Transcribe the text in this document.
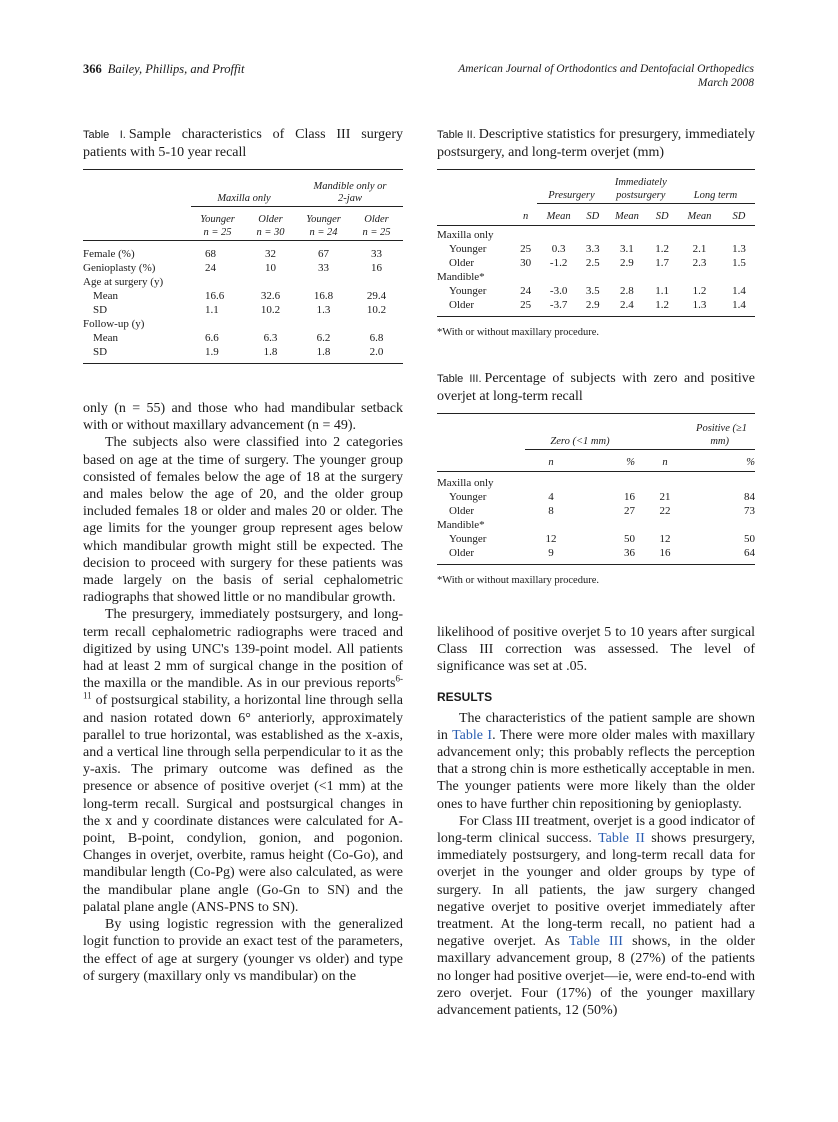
366 Bailey, Phillips, and Proffit	American Journal of Orthodontics and Dentofacial Orthopedics
March 2008
Table I. Sample characteristics of Class III surgery patients with 5-10 year recall

			Mandible only or	
	Maxilla only		2-jaw	

	Younger	Older	Younger	Older
	n = 25	n = 30	n = 24	n = 25

Female (%)	68	32	67	33
Genioplasty (%)	24	10	33	16
Age at surgery (y)				
Mean	16.6	32.6	16.8	29.4
SD	1.1	10.2	1.3	10.2
Follow-up (y)				
Mean	6.6	6.3	6.2	6.8
SD	1.9	1.8	1.8	2.0

only (n = 55) and those who had mandibular setback with or without maxillary advancement (n = 49).

The subjects also were classified into 2 categories based on age at the time of surgery. The younger group consisted of females below the age of 18 at the surgery and males below the age of 20, and the older group included females 18 or older and males 20 or older. The age limits for the younger group represent ages below which mandibular growth might still be expected. The decision to proceed with surgery for these patients was made largely on the basis of serial cephalometric radiographs that showed little or no mandibular growth.

The presurgery, immediately postsurgery, and long-term recall cephalometric radiographs were traced and digitized by using UNC's 139-point model. All patients had at least 2 mm of surgical change in the position of the maxilla or the mandible. As in our previous reports$^{6-11}$ of postsurgical stability, a horizontal line through sella and nasion rotated down 6° anteriorly, approximately parallel to true horizontal, was established as the x-axis, and a vertical line through sella perpendicular to it as the y-axis. The primary outcome was defined as the presence or absence of positive overjet (<1 mm) at the long-term recall. Surgical and postsurgical changes in the x and y coordinate distances were calculated for A-point, B-point, condylion, gonion, and pogonion. Changes in overjet, overbite, ramus height (Co-Go), and mandibular length (Co-Pg) were also calculated, as were the mandibular plane angle (Go-Gn to SN) and the palatal plane angle (ANS-PNS to SN).

By using logistic regression with the generalized logit function to provide an exact test of the parameters, the effect of age at surgery (younger vs older) and type of surgery (maxillary only vs mandibular) on the

Table II. Descriptive statistics for presurgery, immediately postsurgery, and long-term overjet (mm)

				Immediately			
		Presurgery		postsurgery		Long term	

	n	Mean	SD	Mean	SD	Mean	SD

Maxilla only							
Younger	25	0.3	3.3	3.1	1.2	2.1	1.3
Older	30	-1.2	2.5	2.9	1.7	2.3	1.5
Mandible*							
Younger	24	-3.0	3.5	2.8	1.1	1.2	1.4
Older	25	-3.7	2.9	2.4	1.2	1.3	1.4

*With or without maxillary procedure.
Table III. Percentage of subjects with zero and positive overjet at long-term recall

			Positive (≥1	
	Zero (<1 mm)		mm)	

	n	%	n	%

Maxilla only				
Younger	4	16	21	84
Older	8	27	22	73
Mandible*				
Younger	12	50	12	50
Older	9	36	16	64

*With or without maxillary procedure.

likelihood of positive overjet 5 to 10 years after surgical Class III correction was assessed. The level of significance was set at .05.

RESULTS

The characteristics of the patient sample are shown in Table I. There were more older males with maxillary advancement only; this probably reflects the perception that a strong chin is more esthetically acceptable in men. The younger patients were more likely than the older ones to have further chin repositioning by genioplasty.

For Class III treatment, overjet is a good indicator of long-term clinical success. Table II shows presurgery, immediately postsurgery, and long-term recall data for overjet in the younger and older groups by type of surgery. In all patients, the jaw surgery changed negative overjet to positive overjet immediately after treatment. At the long-term recall, no patient had a negative overjet. As Table III shows, in the older maxillary advancement group, 8 (27%) of the patients no longer had positive overjet—ie, were end-to-end with zero overjet. Four (17%) of the younger maxillary advancement patients, 12 (50%)
